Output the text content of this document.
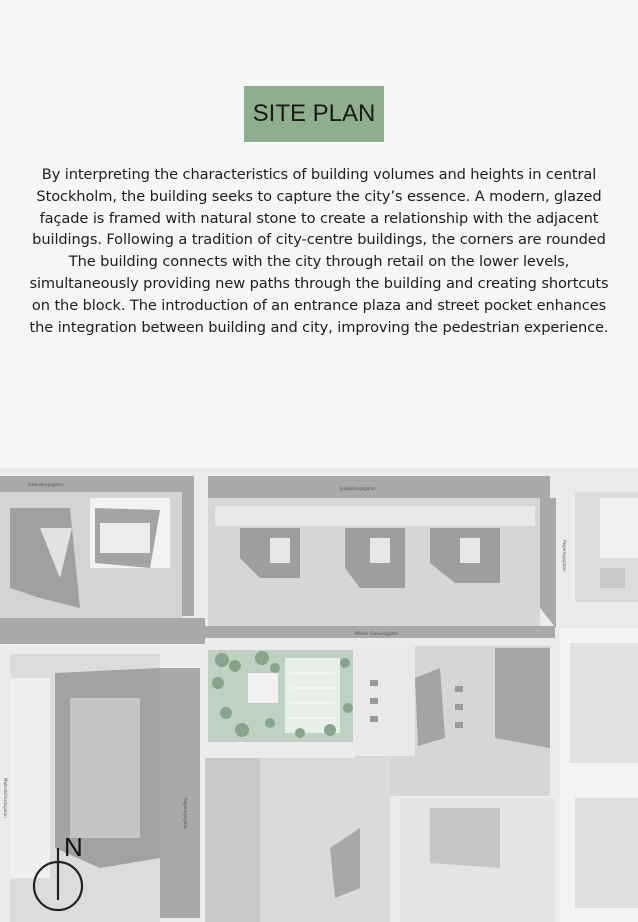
SITE PLAN

By interpreting the characteristics of building volumes and heights in central Stockholm, the building seeks to capture the city’s essence. A modern, glazed façade is framed with natural stone to create a relationship with the adjacent buildings. Following a tradition of city-centre buildings, the corners are rounded

The building connects with the city through retail on the lower levels, simultaneously providing new paths through the building and creating shortcuts on the block. The introduction of an entrance plaza and street pocket enhances the integration between building and city, improving the pedestrian experience.

Jakobsbergsgatan
Jakobsbergsgatan
Mäster Samuelsgatan
Regeringsgatan
Malmskillnadsgatan	Regeringsgatan
N
